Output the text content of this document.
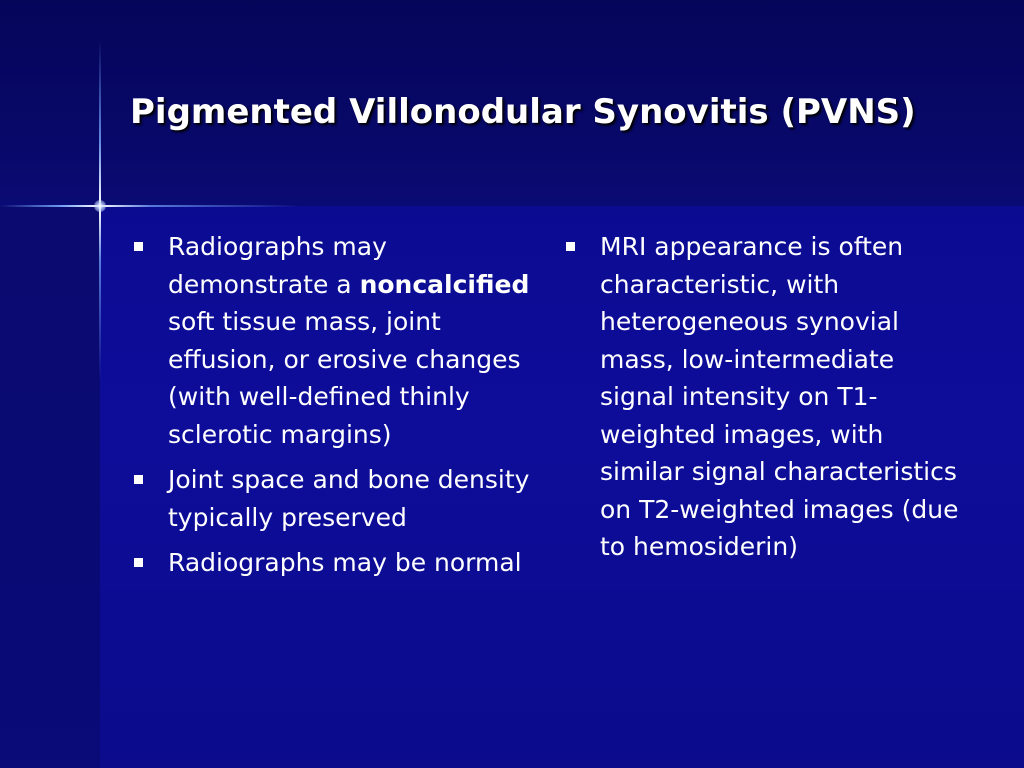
Pigmented Villonodular Synovitis (PVNS)
Radiographs may demonstrate a noncalcified soft tissue mass, joint effusion, or erosive changes (with well-defined thinly sclerotic margins)
Joint space and bone density typically preserved
Radiographs may be normal
MRI appearance is often characteristic, with heterogeneous synovial mass, low-intermediate signal intensity on T1-weighted images, with similar signal characteristics on T2-weighted images (due to hemosiderin)
